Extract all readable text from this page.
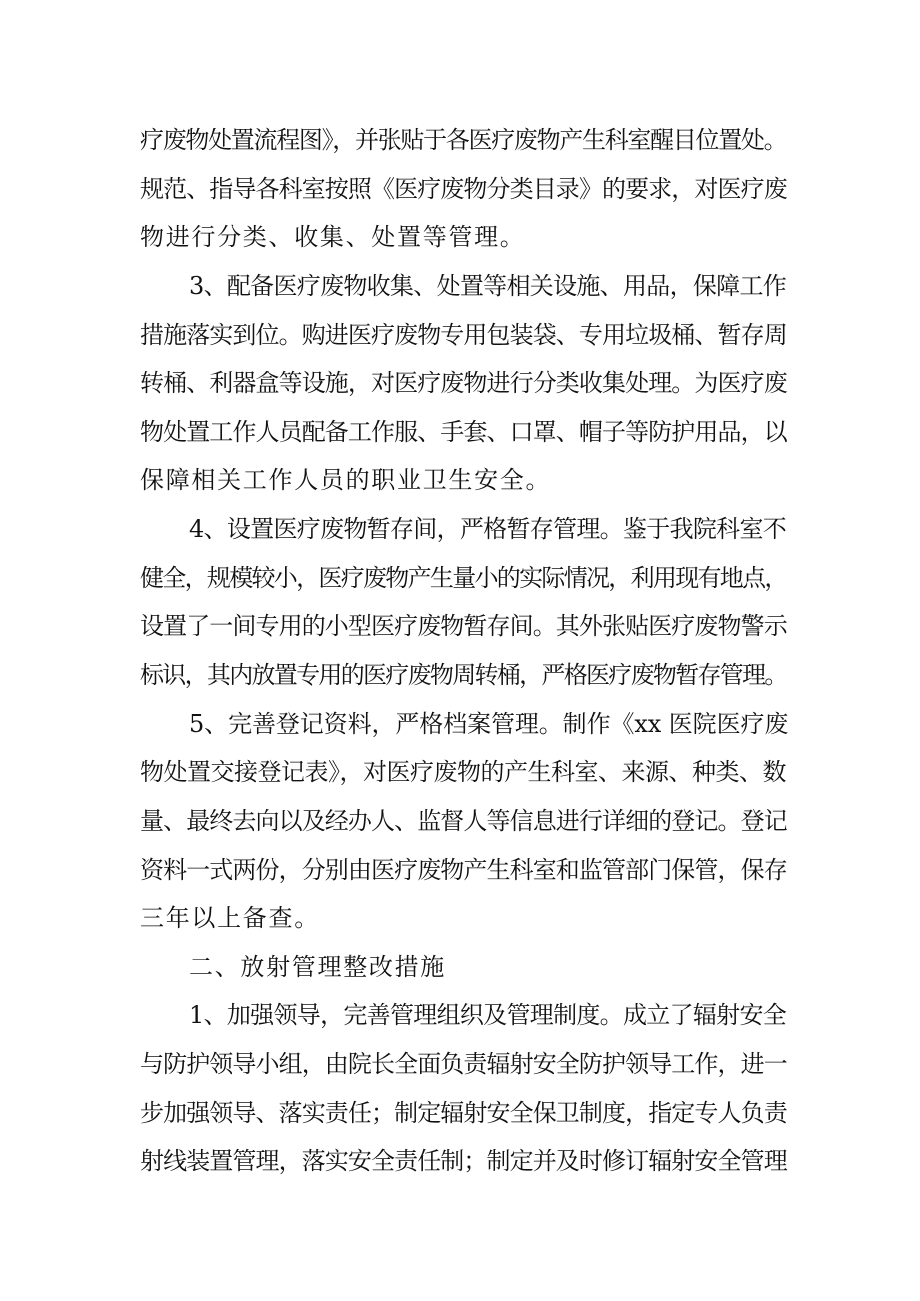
疗废物处置流程图》，并张贴于各医疗废物产生科室醒目位置处。
规范、指导各科室按照《医疗废物分类目录》的要求，对医疗废
物进行分类、收集、处置等管理。
3、配备医疗废物收集、处置等相关设施、用品，保障工作
措施落实到位。购进医疗废物专用包装袋、专用垃圾桶、暂存周
转桶、利器盒等设施，对医疗废物进行分类收集处理。为医疗废
物处置工作人员配备工作服、手套、口罩、帽子等防护用品，以
保障相关工作人员的职业卫生安全。
4、设置医疗废物暂存间，严格暂存管理。鉴于我院科室不
健全，规模较小，医疗废物产生量小的实际情况，利用现有地点，
设置了一间专用的小型医疗废物暂存间。其外张贴医疗废物警示
标识，其内放置专用的医疗废物周转桶，严格医疗废物暂存管理。
5、完善登记资料，严格档案管理。制作《xx 医院医疗废
物处置交接登记表》，对医疗废物的产生科室、来源、种类、数
量、最终去向以及经办人、监督人等信息进行详细的登记。登记
资料一式两份，分别由医疗废物产生科室和监管部门保管，保存
三年以上备查。
二、放射管理整改措施
1、加强领导，完善管理组织及管理制度。成立了辐射安全
与防护领导小组，由院长全面负责辐射安全防护领导工作，进一
步加强领导、落实责任；制定辐射安全保卫制度，指定专人负责
射线装置管理，落实安全责任制；制定并及时修订辐射安全管理
